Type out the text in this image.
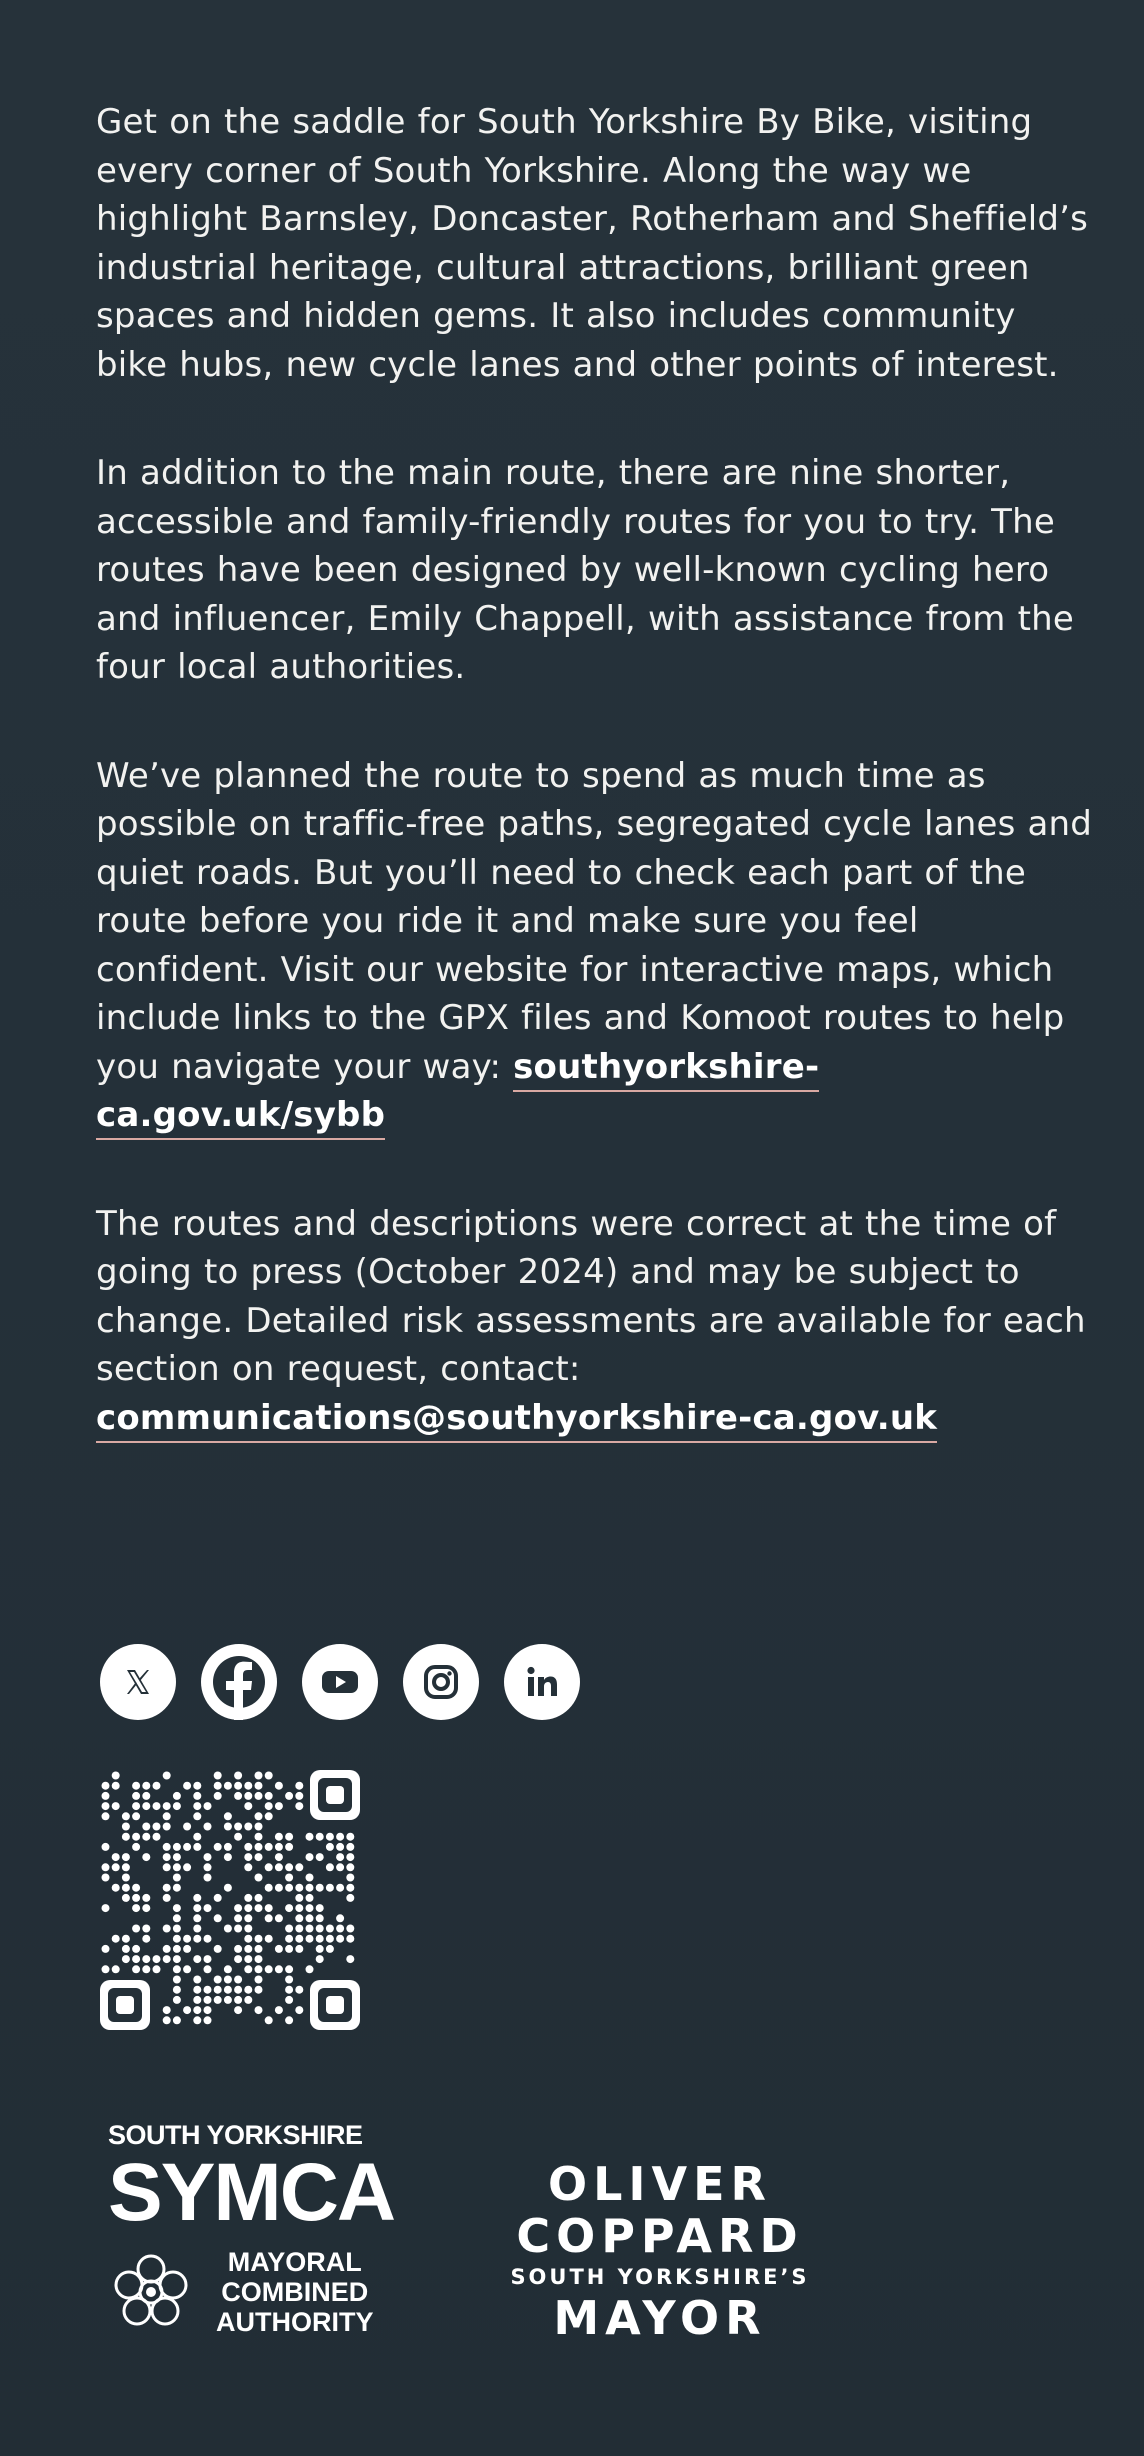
Get on the saddle for South Yorkshire By Bike, visiting every corner of South Yorkshire. Along the way we highlight Barnsley, Doncaster, Rotherham and Sheffield’s industrial heritage, cultural attractions, brilliant green spaces and hidden gems. It also includes community bike hubs, new cycle lanes and other points of interest.

In addition to the main route, there are nine shorter, accessible and family-friendly routes for you to try. The routes have been designed by well-known cycling hero and influencer, Emily Chappell, with assistance from the four local authorities.

We’ve planned the route to spend as much time as possible on traffic-free paths, segregated cycle lanes and quiet roads. But you’ll need to check each part of the route before you ride it and make sure you feel confident. Visit our website for interactive maps, which include links to the GPX files and Komoot routes to help you navigate your way: southyorkshire-ca.gov.uk/sybb

The routes and descriptions were correct at the time of going to press (October 2024) and may be subject to change. Detailed risk assessments are available for each section on request, contact: communications@southyorkshire-ca.gov.uk

SOUTH YORKSHIRE
SYMCA
MAYORAL
COMBINED
AUTHORITY
OLIVER
COPPARD
SOUTH YORKSHIRE’S
MAYOR
